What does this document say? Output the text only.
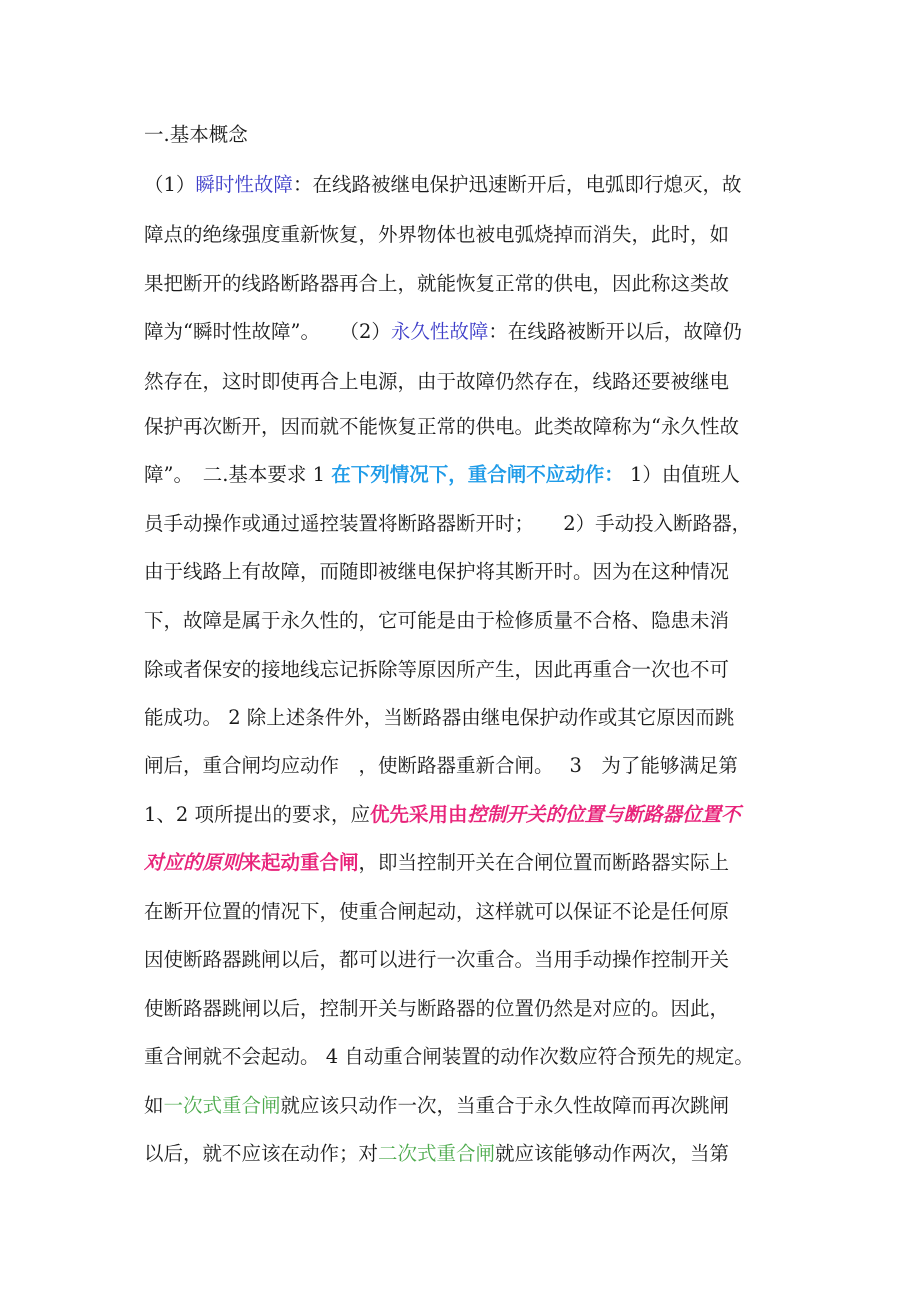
一.基本概念
（1）瞬时性故障：在线路被继电保护迅速断开后，电弧即行熄灭，故
障点的绝缘强度重新恢复，外界物体也被电弧烧掉而消失，此时，如
果把断开的线路断路器再合上，就能恢复正常的供电，因此称这类故
障为“瞬时性故障”。　　（2）永久性故障：在线路被断开以后，故障仍
然存在，这时即使再合上电源，由于故障仍然存在，线路还要被继电
保护再次断开，因而就不能恢复正常的供电。此类故障称为“永久性故
障”。　二.基本要求 1 在下列情况下，重合闸不应动作： 1）由值班人
员手动操作或通过遥控装置将断路器断开时；　　2）手动投入断路器，
由于线路上有故障，而随即被继电保护将其断开时。因为在这种情况
下，故障是属于永久性的，它可能是由于检修质量不合格、隐患未消
除或者保安的接地线忘记拆除等原因所产生，因此再重合一次也不可
能成功。 2 除上述条件外，当断路器由继电保护动作或其它原因而跳
闸后，重合闸均应动作　，使断路器重新合闸。　 3　为了能够满足第
1、2 项所提出的要求，应优先采用由控制开关的位置与断路器位置不
对应的原则来起动重合闸，即当控制开关在合闸位置而断路器实际上
在断开位置的情况下，使重合闸起动，这样就可以保证不论是任何原
因使断路器跳闸以后，都可以进行一次重合。当用手动操作控制开关
使断路器跳闸以后，控制开关与断路器的位置仍然是对应的。因此，
重合闸就不会起动。 4 自动重合闸装置的动作次数应符合预先的规定。
如一次式重合闸就应该只动作一次，当重合于永久性故障而再次跳闸
以后，就不应该在动作；对二次式重合闸就应该能够动作两次，当第
